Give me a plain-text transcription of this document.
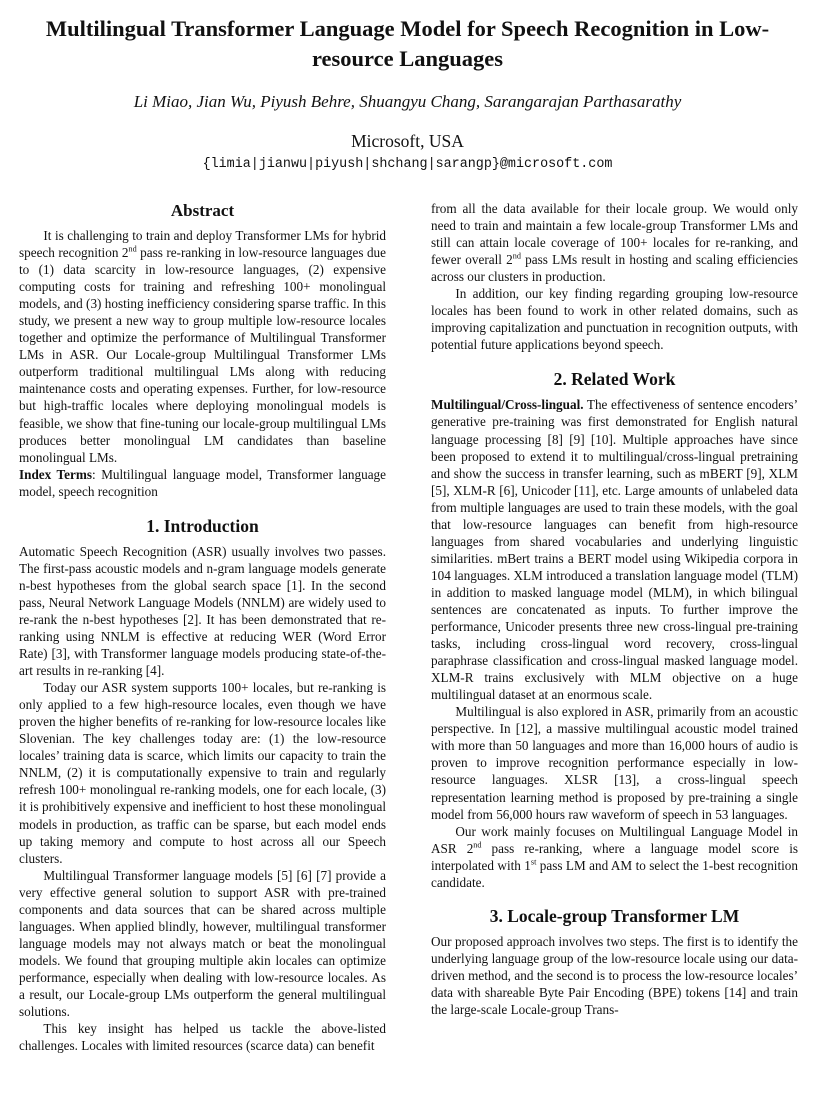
Multilingual Transformer Language Model for Speech Recognition in Low-resource Languages
Li Miao, Jian Wu, Piyush Behre, Shuangyu Chang, Sarangarajan Parthasarathy
Microsoft, USA
{limia|jianwu|piyush|shchang|sarangp}@microsoft.com
Abstract

It is challenging to train and deploy Transformer LMs for hybrid speech recognition 2nd pass re-ranking in low-resource languages due to (1) data scarcity in low-resource languages, (2) expensive computing costs for training and refreshing 100+ monolingual models, and (3) hosting inefficiency considering sparse traffic. In this study, we present a new way to group multiple low-resource locales together and optimize the performance of Multilingual Transformer LMs in ASR. Our Locale-group Multilingual Transformer LMs outperform traditional multilingual LMs along with reducing maintenance costs and operating expenses. Further, for low-resource but high-traffic locales where deploying monolingual models is feasible, we show that fine-tuning our locale-group multilingual LMs produces better monolingual LM candidates than baseline monolingual LMs.

Index Terms: Multilingual language model, Transformer language model, speech recognition

1. Introduction

Automatic Speech Recognition (ASR) usually involves two passes. The first-pass acoustic models and n-gram language models generate n-best hypotheses from the global search space [1]. In the second pass, Neural Network Language Models (NNLM) are widely used to re-rank the n-best hypotheses [2]. It has been demonstrated that re-ranking using NNLM is effective at reducing WER (Word Error Rate) [3], with Transformer language models producing state-of-the-art results in re-ranking [4].

Today our ASR system supports 100+ locales, but re-ranking is only applied to a few high-resource locales, even though we have proven the higher benefits of re-ranking for low-resource locales like Slovenian. The key challenges today are: (1) the low-resource locales’ training data is scarce, which limits our capacity to train the NNLM, (2) it is computationally expensive to train and regularly refresh 100+ monolingual re-ranking models, one for each locale, (3) it is prohibitively expensive and inefficient to host these monolingual models in production, as traffic can be sparse, but each model ends up taking memory and compute to host across all our Speech clusters.

Multilingual Transformer language models [5] [6] [7] provide a very effective general solution to support ASR with pre-trained components and data sources that can be shared across multiple languages. When applied blindly, however, multilingual transformer language models may not always match or beat the monolingual models. We found that grouping multiple akin locales can optimize performance, especially when dealing with low-resource locales. As a result, our Locale-group LMs outperform the general multilingual solutions.

This key insight has helped us tackle the above-listed challenges. Locales with limited resources (scarce data) can benefit

from all the data available for their locale group. We would only need to train and maintain a few locale-group Transformer LMs and still can attain locale coverage of 100+ locales for re-ranking, and fewer overall 2nd pass LMs result in hosting and scaling efficiencies across our clusters in production.

In addition, our key finding regarding grouping low-resource locales has been found to work in other related domains, such as improving capitalization and punctuation in recognition outputs, with potential future applications beyond speech.

2. Related Work

Multilingual/Cross-lingual. The effectiveness of sentence encoders’ generative pre-training was first demonstrated for English natural language processing [8] [9] [10]. Multiple approaches have since been proposed to extend it to multilingual/cross-lingual pretraining and show the success in transfer learning, such as mBERT [9], XLM [5], XLM-R [6], Unicoder [11], etc. Large amounts of unlabeled data from multiple languages are used to train these models, with the goal that low-resource languages can benefit from high-resource languages from shared vocabularies and underlying linguistic similarities. mBert trains a BERT model using Wikipedia corpora in 104 languages. XLM introduced a translation language model (TLM) in addition to masked language model (MLM), in which bilingual sentences are concatenated as inputs. To further improve the performance, Unicoder presents three new cross-lingual pre-training tasks, including cross-lingual word recovery, cross-lingual paraphrase classification and cross-lingual masked language model. XLM-R trains exclusively with MLM objective on a huge multilingual dataset at an enormous scale.

Multilingual is also explored in ASR, primarily from an acoustic perspective. In [12], a massive multilingual acoustic model trained with more than 50 languages and more than 16,000 hours of audio is proven to improve recognition performance especially in low-resource languages. XLSR [13], a cross-lingual speech representation learning method is proposed by pre-training a single model from 56,000 hours raw waveform of speech in 53 languages.

Our work mainly focuses on Multilingual Language Model in ASR 2nd pass re-ranking, where a language model score is interpolated with 1st pass LM and AM to select the 1-best recognition candidate.

3. Locale-group Transformer LM

Our proposed approach involves two steps. The first is to identify the underlying language group of the low-resource locale using our data-driven method, and the second is to process the low-resource locales’ data with shareable Byte Pair Encoding (BPE) tokens [14] and train the large-scale Locale-group Trans-
